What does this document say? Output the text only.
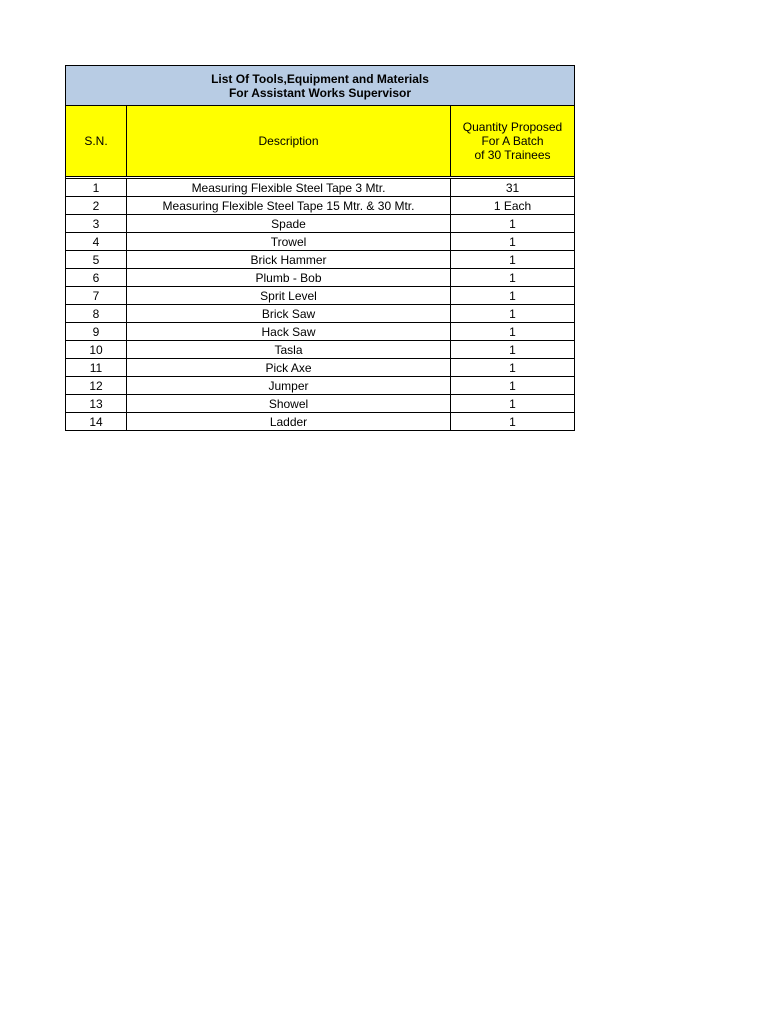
List Of Tools,Equipment and Materials
For Assistant Works Supervisor		

S.N.	Description	Quantity Proposed
For A Batch
of 30 Trainees

1	Measuring Flexible Steel Tape 3 Mtr.	31
2	Measuring Flexible Steel Tape 15 Mtr. & 30 Mtr.	1 Each
3	Spade	1
4	Trowel	1
5	Brick Hammer	1
6	Plumb - Bob	1
7	Sprit Level	1
8	Brick Saw	1
9	Hack Saw	1
10	Tasla	1
11	Pick Axe	1
12	Jumper	1
13	Showel	1
14	Ladder	1
